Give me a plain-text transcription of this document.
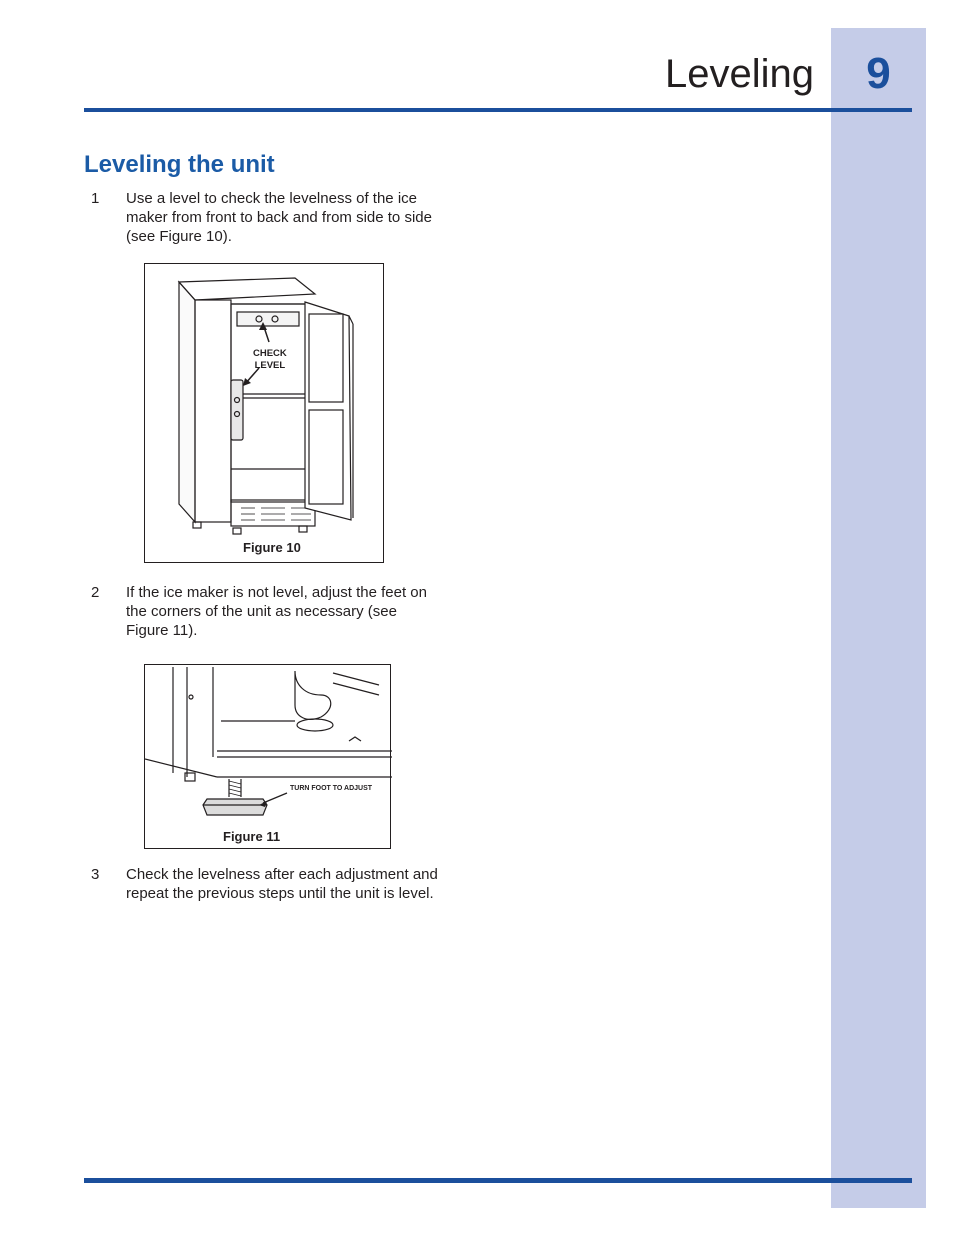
9
Leveling
Leveling the unit
1 Use a level to check the levelness of the ice maker from front to back and from side to side (see Figure 10).
CHECK
LEVEL
Figure 10
2 If the ice maker is not level, adjust the feet on the corners of the unit as necessary (see Figure 11).
TURN FOOT TO ADJUST
Figure 11
3 Check the levelness after each adjustment and repeat the previous steps until the unit is level.
